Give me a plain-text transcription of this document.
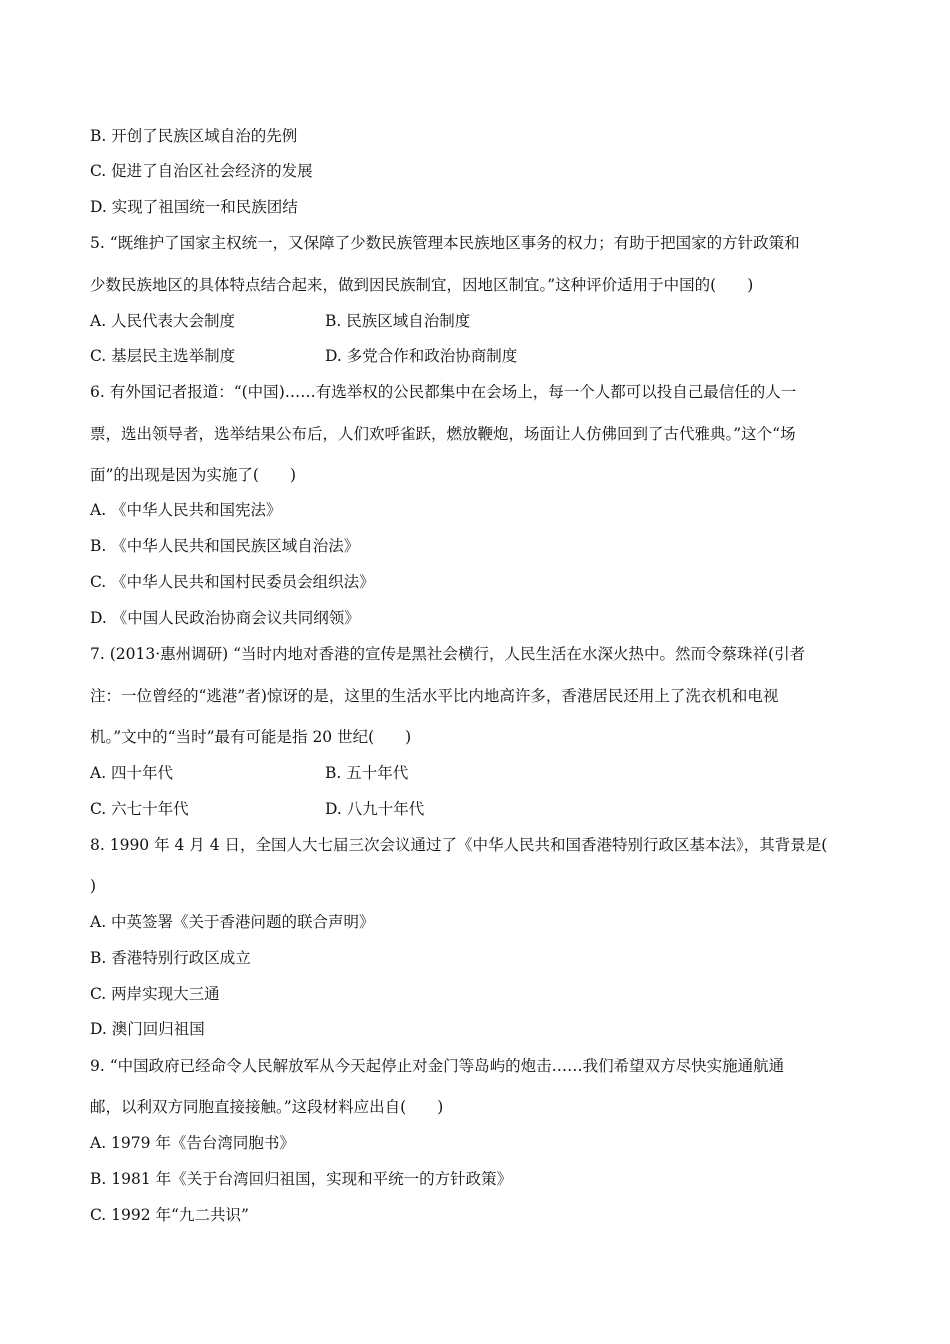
B. 开创了民族区域自治的先例
C. 促进了自治区社会经济的发展
D. 实现了祖国统一和民族团结
5. “既维护了国家主权统一，又保障了少数民族管理本民族地区事务的权力；有助于把国家的方针政策和
少数民族地区的具体特点结合起来，做到因民族制宜，因地区制宜。”这种评价适用于中国的(　　)
A. 人民代表大会制度	B. 民族区域自治制度
C. 基层民主选举制度	D. 多党合作和政治协商制度
6. 有外国记者报道：“(中国)……有选举权的公民都集中在会场上，每一个人都可以投自己最信任的人一
票，选出领导者，选举结果公布后，人们欢呼雀跃，燃放鞭炮，场面让人仿佛回到了古代雅典。”这个“场
面”的出现是因为实施了(　　)
A. 《中华人民共和国宪法》
B. 《中华人民共和国民族区域自治法》
C. 《中华人民共和国村民委员会组织法》
D. 《中国人民政治协商会议共同纲领》
7. (2013·惠州调研) “当时内地对香港的宣传是黑社会横行，人民生活在水深火热中。然而令蔡珠祥(引者
注：一位曾经的“逃港”者)惊讶的是，这里的生活水平比内地高许多，香港居民还用上了洗衣机和电视
机。”文中的“当时”最有可能是指 20 世纪(　　)
A. 四十年代	B. 五十年代
C. 六七十年代	D. 八九十年代
8. 1990 年 4 月 4 日，全国人大七届三次会议通过了《中华人民共和国香港特别行政区基本法》，其背景是(
)
A. 中英签署《关于香港问题的联合声明》
B. 香港特别行政区成立
C. 两岸实现大三通
D. 澳门回归祖国
9. “中国政府已经命令人民解放军从今天起停止对金门等岛屿的炮击……我们希望双方尽快实施通航通
邮，以利双方同胞直接接触。”这段材料应出自(　　)
A. 1979 年《告台湾同胞书》
B. 1981 年《关于台湾回归祖国，实现和平统一的方针政策》
C. 1992 年“九二共识”
